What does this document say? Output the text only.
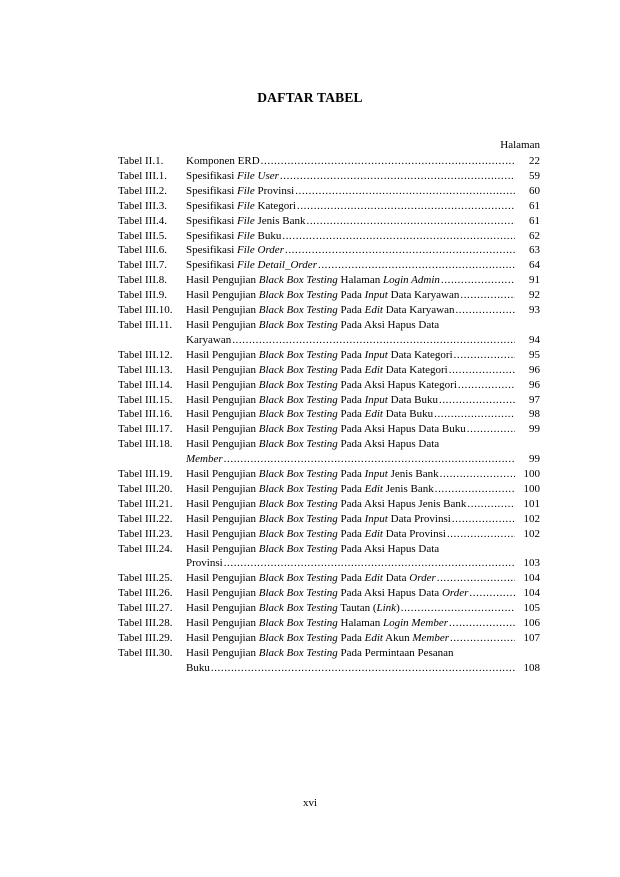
DAFTAR TABEL
Halaman
Tabel II.1.	Komponen ERD .....	22
Tabel III.1.	Spesifikasi File User .....	59
Tabel III.2.	Spesifikasi File Provinsi .....	60
Tabel III.3.	Spesifikasi File Kategori .....	61
Tabel III.4.	Spesifikasi File Jenis Bank .....	61
Tabel III.5.	Spesifikasi File Buku .....	62
Tabel III.6.	Spesifikasi File Order .....	63
Tabel III.7.	Spesifikasi File Detail_Order .....	64
Tabel III.8.	Hasil Pengujian Black Box Testing Halaman Login Admin .....	91
Tabel III.9.	Hasil Pengujian Black Box Testing Pada Input Data Karyawan .....	92
Tabel III.10.	Hasil Pengujian Black Box Testing Pada Edit Data Karyawan .....	93
Tabel III.11.	Hasil Pengujian Black Box Testing Pada Aksi Hapus Data
Karyawan .....	94
Tabel III.12.	Hasil Pengujian Black Box Testing Pada Input Data Kategori .....	95
Tabel III.13.	Hasil Pengujian Black Box Testing Pada Edit Data Kategori .....	96
Tabel III.14.	Hasil Pengujian Black Box Testing Pada Aksi Hapus Kategori .....	96
Tabel III.15.	Hasil Pengujian Black Box Testing Pada Input Data Buku .....	97
Tabel III.16.	Hasil Pengujian Black Box Testing Pada Edit Data Buku .....	98
Tabel III.17.	Hasil Pengujian Black Box Testing Pada Aksi Hapus Data Buku .....	99
Tabel III.18.	Hasil Pengujian Black Box Testing Pada Aksi Hapus Data
Member .....	99
Tabel III.19.	Hasil Pengujian Black Box Testing Pada Input Jenis Bank .....	100
Tabel III.20.	Hasil Pengujian Black Box Testing Pada Edit Jenis Bank .....	100
Tabel III.21.	Hasil Pengujian Black Box Testing Pada Aksi Hapus Jenis Bank .....	101
Tabel III.22.	Hasil Pengujian Black Box Testing Pada Input Data Provinsi .....	102
Tabel III.23.	Hasil Pengujian Black Box Testing Pada Edit Data Provinsi .....	102
Tabel III.24.	Hasil Pengujian Black Box Testing Pada Aksi Hapus Data
Provinsi .....	103
Tabel III.25.	Hasil Pengujian Black Box Testing Pada Edit Data Order .....	104
Tabel III.26.	Hasil Pengujian Black Box Testing Pada Aksi Hapus Data Order .....	104
Tabel III.27.	Hasil Pengujian Black Box Testing Tautan (Link) .....	105
Tabel III.28.	Hasil Pengujian Black Box Testing Halaman Login Member .....	106
Tabel III.29.	Hasil Pengujian Black Box Testing Pada Edit Akun Member .....	107
Tabel III.30.	Hasil Pengujian Black Box Testing Pada Permintaan Pesanan
Buku .....	108
xvi
